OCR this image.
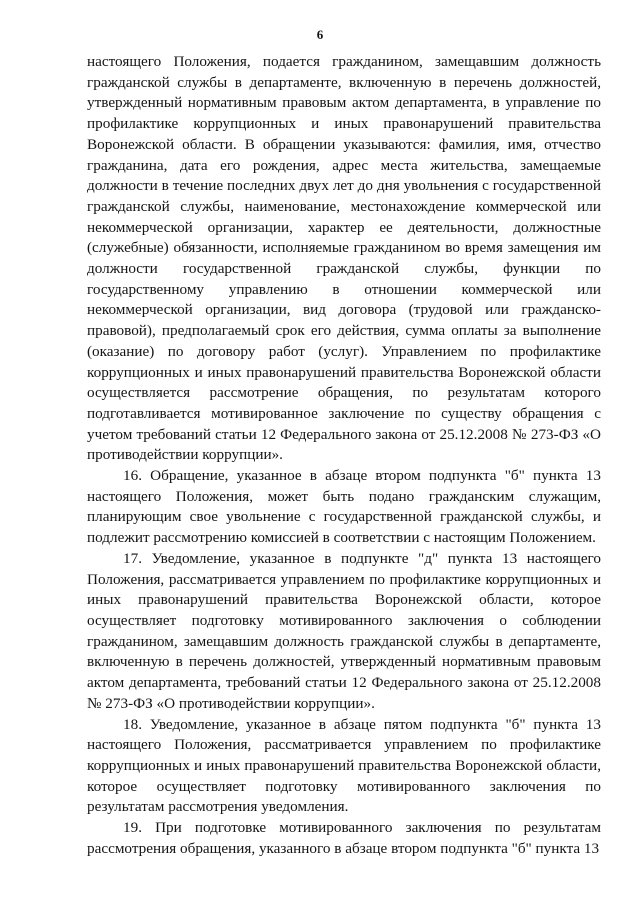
6

настоящего Положения, подается гражданином, замещавшим должность гражданской службы в департаменте, включенную в перечень должностей, утвержденный нормативным правовым актом департамента, в управление по профилактике коррупционных и иных правонарушений правительства Воронежской области. В обращении указываются: фамилия, имя, отчество гражданина, дата его рождения, адрес места жительства, замещаемые должности в течение последних двух лет до дня увольнения с государственной гражданской службы, наименование, местонахождение коммерческой или некоммерческой организации, характер ее деятельности, должностные (служебные) обязанности, исполняемые гражданином во время замещения им должности государственной гражданской службы, функции по государственному управлению в отношении коммерческой или некоммерческой организации, вид договора (трудовой или гражданско-правовой), предполагаемый срок его действия, сумма оплаты за выполнение (оказание) по договору работ (услуг). Управлением по профилактике коррупционных и иных правонарушений правительства Воронежской области осуществляется рассмотрение обращения, по результатам которого подготавливается мотивированное заключение по существу обращения с учетом требований статьи 12 Федерального закона от 25.12.2008 № 273-ФЗ «О противодействии коррупции».

16. Обращение, указанное в абзаце втором подпункта "б" пункта 13 настоящего Положения, может быть подано гражданским служащим, планирующим свое увольнение с государственной гражданской службы, и подлежит рассмотрению комиссией в соответствии с настоящим Положением.

17. Уведомление, указанное в подпункте "д" пункта 13 настоящего Положения, рассматривается управлением по профилактике коррупционных и иных правонарушений правительства Воронежской области, которое осуществляет подготовку мотивированного заключения о соблюдении гражданином, замещавшим должность гражданской службы в департаменте, включенную в перечень должностей, утвержденный нормативным правовым актом департамента, требований статьи 12 Федерального закона от 25.12.2008 № 273-ФЗ «О противодействии коррупции».

18. Уведомление, указанное в абзаце пятом подпункта "б" пункта 13 настоящего Положения, рассматривается управлением по профилактике коррупционных и иных правонарушений правительства Воронежской области, которое осуществляет подготовку мотивированного заключения по результатам рассмотрения уведомления.

19. При подготовке мотивированного заключения по результатам рассмотрения обращения, указанного в абзаце втором подпункта "б" пункта 13
